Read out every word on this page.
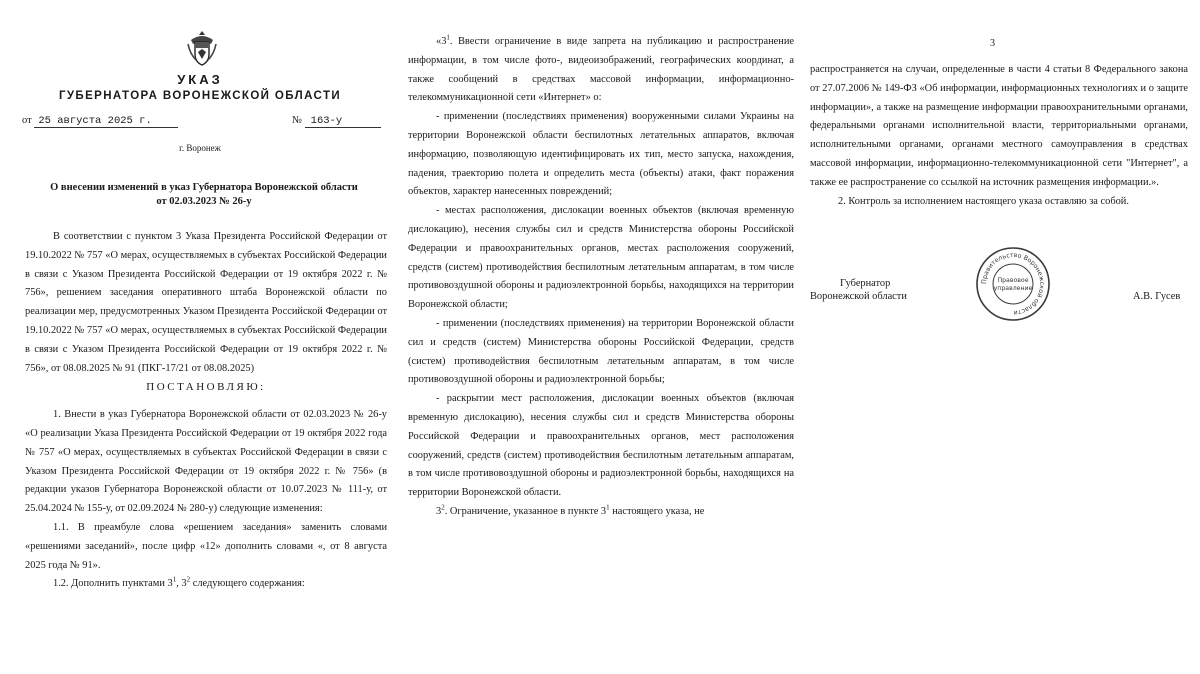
УКАЗ
ГУБЕРНАТОРА ВОРОНЕЖСКОЙ ОБЛАСТИ
от 25 августа 2025 г.	№ 163-у
г. Воронеж
О внесении изменений в указ Губернатора Воронежской области
от 02.03.2023 № 26-у

В соответствии с пунктом 3 Указа Президента Российской Федерации от 19.10.2022 № 757 «О мерах, осуществляемых в субъектах Российской Федерации в связи с Указом Президента Российской Федерации от 19 октября 2022 г. № 756», решением заседания оперативного штаба Воронежской области по реализации мер, предусмотренных Указом Президента Российской Федерации от 19.10.2022 № 757 «О мерах, осуществляемых в субъектах Российской Федерации в связи с Указом Президента Российской Федерации от 19 октября 2022 г. № 756», от 08.08.2025 № 91 (ПКГ-17/21 от 08.08.2025)

ПОСТАНОВЛЯЮ:

1. Внести в указ Губернатора Воронежской области от 02.03.2023 № 26-у «О реализации Указа Президента Российской Федерации от 19 октября 2022 года № 757 «О мерах, осуществляемых в субъектах Российской Федерации в связи с Указом Президента Российской Федерации от 19 октября 2022 г. № 756» (в редакции указов Губернатора Воронежской области от 10.07.2023 № 111-у, от 25.04.2024 № 155-у, от 02.09.2024 № 280-у) следующие изменения:

1.1. В преамбуле слова «решением заседания» заменить словами «решениями заседаний», после цифр «12» дополнить словами «, от 8 августа 2025 года № 91».

1.2. Дополнить пунктами $3^1$, $3^2$ следующего содержания:

«$3^1$. Ввести ограничение в виде запрета на публикацию и распространение информации, в том числе фото-, видеоизображений, географических координат, а также сообщений в средствах массовой информации, информационно-телекоммуникационной сети «Интернет» о:

- применении (последствиях применения) вооруженными силами Украины на территории Воронежской области беспилотных летательных аппаратов, включая информацию, позволяющую идентифицировать их тип, место запуска, нахождения, падения, траекторию полета и определить места (объекты) атаки, факт поражения объектов, характер нанесенных повреждений;

- местах расположения, дислокации военных объектов (включая временную дислокацию), несения службы сил и средств Министерства обороны Российской Федерации и правоохранительных органов, местах расположения сооружений, средств (систем) противодействия беспилотным летательным аппаратам, в том числе противовоздушной обороны и радиоэлектронной борьбы, находящихся на территории Воронежской области;

- применении (последствиях применения) на территории Воронежской области сил и средств (систем) Министерства обороны Российской Федерации, средств (систем) противодействия беспилотным летательным аппаратам, в том числе противовоздушной обороны и радиоэлектронной борьбы;

- раскрытии мест расположения, дислокации военных объектов (включая временную дислокацию), несения службы сил и средств Министерства обороны Российской Федерации и правоохранительных органов, мест расположения сооружений, средств (систем) противодействия беспилотным летательным аппаратам, в том числе противовоздушной обороны и радиоэлектронной борьбы, находящихся на территории Воронежской области.

$3^2$. Ограничение, указанное в пункте $3^1$ настоящего указа, не

3

распространяется на случаи, определенные в части 4 статьи 8 Федерального закона от 27.07.2006 № 149-ФЗ «Об информации, информационных технологиях и о защите информации», а также на размещение информации правоохранительными органами, федеральными органами исполнительной власти, территориальными органами, исполнительными органами, органами местного самоуправления в средствах массовой информации, информационно-телекоммуникационной сети "Интернет", а также ее распространение со ссылкой на источник размещения информации.».

2. Контроль за исполнением настоящего указа оставляю за собой.

Губернатор
Воронежской области
Правительство Воронежской области
Правовое
управление
А.В. Гусев
